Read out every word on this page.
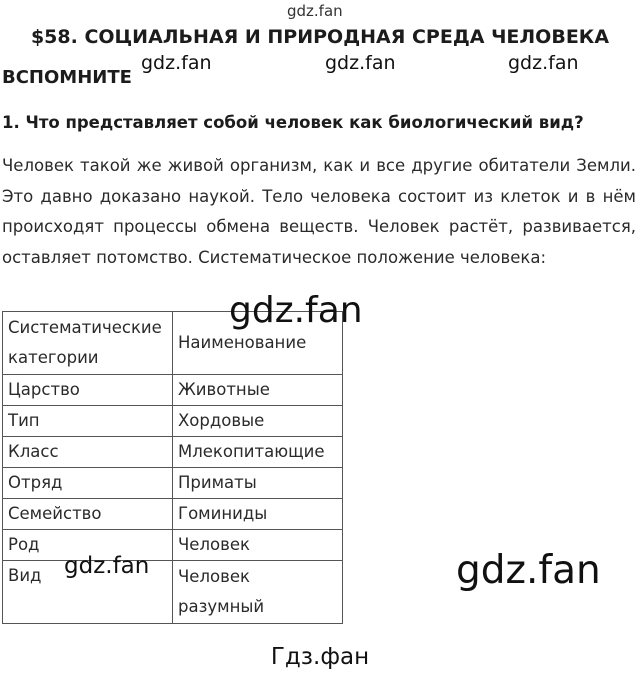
$58. СОЦИАЛЬНАЯ И ПРИРОДНАЯ СРЕДА ЧЕЛОВЕКА
ВСПОМНИТЕ
1. Что представляет собой человек как биологический вид?

Человек такой же живой организм, как и все другие обитатели Земли. Это давно доказано наукой. Тело человека состоит из клеток и в нём происходят процессы обмена веществ. Человек растёт, развивается, оставляет потомство. Систематическое положение человека:

Систематические категории	Наименование
Царство	Животные
Тип	Хордовые
Класс	Млекопитающие
Отряд	Приматы
Семейство	Гоминиды
Род	Человек
Вид	Человек разумный
gdz.fan
gdz.fan	gdz.fan	gdz.fan
gdz.fan
gdz.fan	gdz.fan
Гдз.фан
